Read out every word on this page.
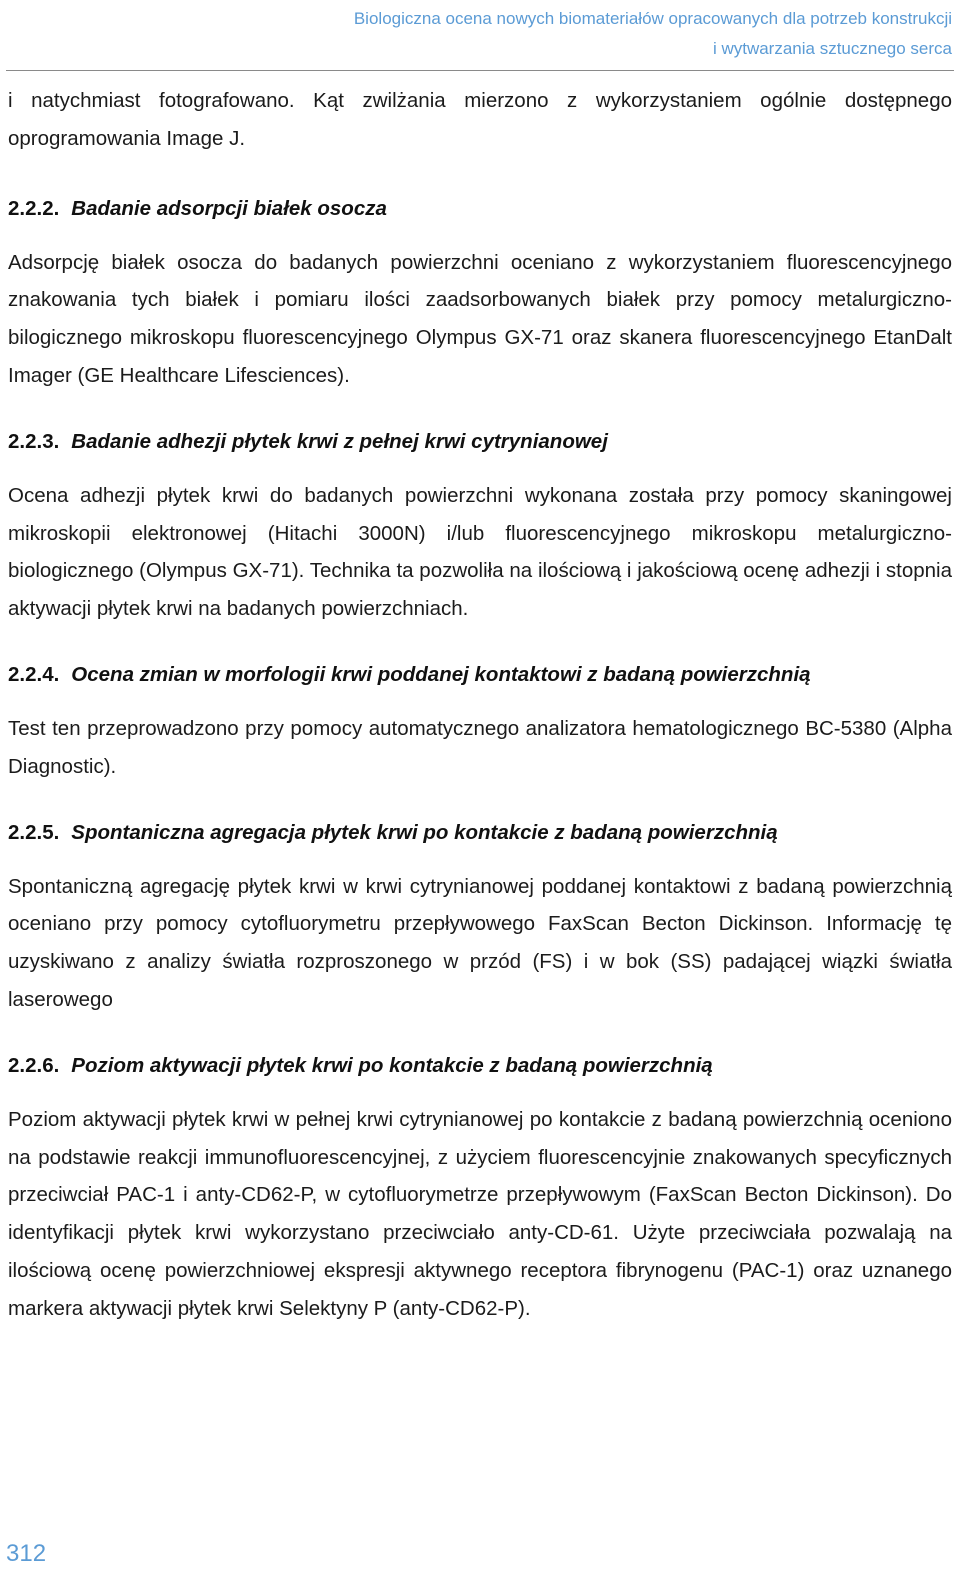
Biologiczna ocena nowych biomateriałów opracowanych dla potrzeb konstrukcji
i wytwarzania sztucznego serca

i natychmiast fotografowano. Kąt zwilżania mierzono z wykorzystaniem ogólnie dostępnego oprogramowania Image J.

2.2.2. Badanie adsorpcji białek osocza

Adsorpcję białek osocza do badanych powierzchni oceniano z wykorzystaniem fluorescencyjnego znakowania tych białek i pomiaru ilości zaadsorbowanych białek przy pomocy metalurgiczno-bilogicznego mikroskopu fluorescencyjnego Olympus GX-71 oraz skanera fluorescencyjnego EtanDalt Imager (GE Healthcare Lifesciences).

2.2.3. Badanie adhezji płytek krwi z pełnej krwi cytrynianowej

Ocena adhezji płytek krwi do badanych powierzchni wykonana została przy pomocy skaningowej mikroskopii elektronowej (Hitachi 3000N) i/lub fluorescencyjnego mikroskopu metalurgiczno-biologicznego (Olympus GX-71). Technika ta pozwoliła na ilościową i jakościową ocenę adhezji i stopnia aktywacji płytek krwi na badanych powierzchniach.

2.2.4. Ocena zmian w morfologii krwi poddanej kontaktowi z badaną powierzchnią

Test ten przeprowadzono przy pomocy automatycznego analizatora hematologicznego BC-5380 (Alpha Diagnostic).

2.2.5. Spontaniczna agregacja płytek krwi po kontakcie z badaną powierzchnią

Spontaniczną agregację płytek krwi w krwi cytrynianowej poddanej kontaktowi z badaną powierzchnią oceniano przy pomocy cytofluorymetru przepływowego FaxScan Becton Dickinson. Informację tę uzyskiwano z analizy światła rozproszonego w przód (FS) i w bok (SS) padającej wiązki światła laserowego

2.2.6. Poziom aktywacji płytek krwi po kontakcie z badaną powierzchnią

Poziom aktywacji płytek krwi w pełnej krwi cytrynianowej po kontakcie z badaną powierzchnią oceniono na podstawie reakcji immunofluorescencyjnej, z użyciem fluorescencyjnie znakowanych specyficznych przeciwciał PAC-1 i anty-CD62-P, w cytofluorymetrze przepływowym (FaxScan Becton Dickinson). Do identyfikacji płytek krwi wykorzystano przeciwciało anty-CD-61. Użyte przeciwciała pozwalają na ilościową ocenę powierzchniowej ekspresji aktywnego receptora fibrynogenu (PAC-1) oraz uznanego markera aktywacji płytek krwi Selektyny P (anty-CD62-P).

312
